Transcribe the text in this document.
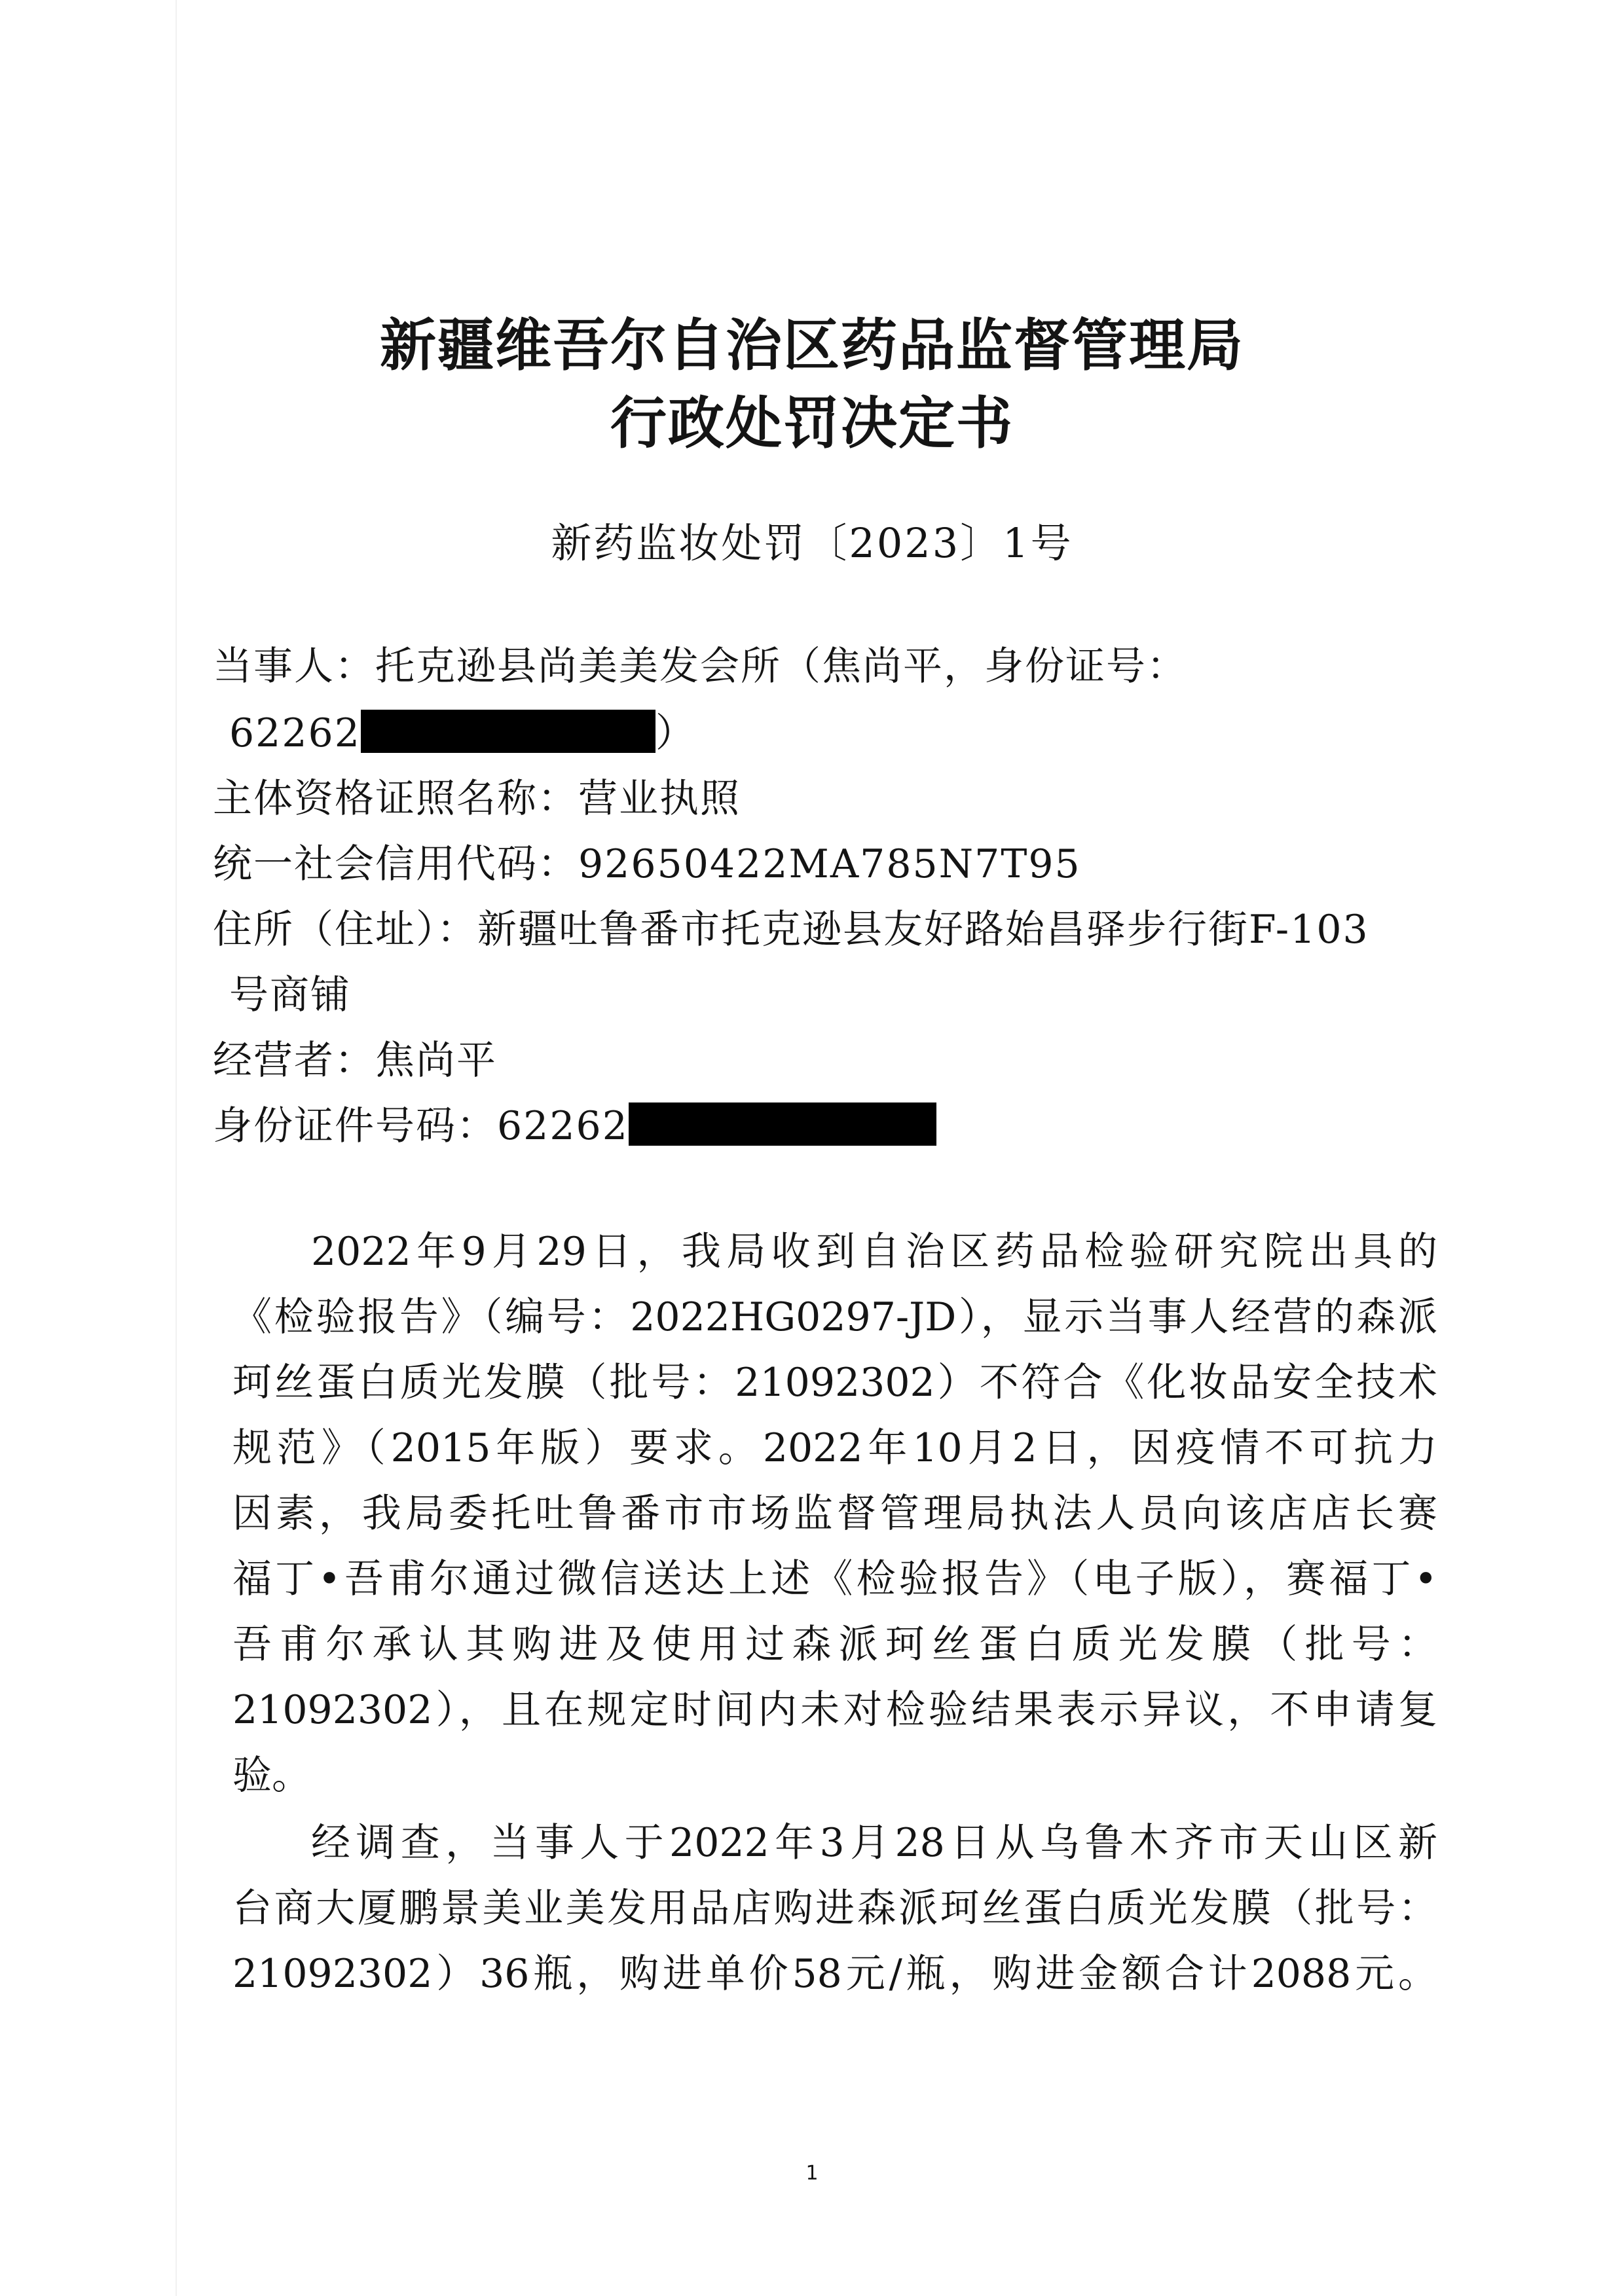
新疆维吾尔自治区药品监督管理局
行政处罚决定书
新药监妆处罚〔2023〕1号
当事人：托克逊县尚美美发会所（焦尚平，身份证号：
62262	）
主体资格证照名称：营业执照
统一社会信用代码：92650422MA785N7T95
住所（住址）：新疆吐鲁番市托克逊县友好路始昌驿步行街F-103
号商铺
经营者：焦尚平
身份证件号码：62262
2022年9月29日，我局收到自治区药品检验研究院出具的
《检验报告》（编号：2022HG0297-JD），显示当事人经营的森派
珂丝蛋白质光发膜（批号：21092302）不符合《化妆品安全技术
规范》（2015年版）要求。2022年10月2日，因疫情不可抗力
因素，我局委托吐鲁番市市场监督管理局执法人员向该店店长赛
福丁•吾甫尔通过微信送达上述《检验报告》（电子版），赛福丁•
吾甫尔承认其购进及使用过森派珂丝蛋白质光发膜（批号：
21092302），且在规定时间内未对检验结果表示异议，不申请复
验。
经调查，当事人于2022年3月28日从乌鲁木齐市天山区新
台商大厦鹏景美业美发用品店购进森派珂丝蛋白质光发膜（批号：
21092302）36瓶，购进单价58元/瓶，购进金额合计2088元。
1
